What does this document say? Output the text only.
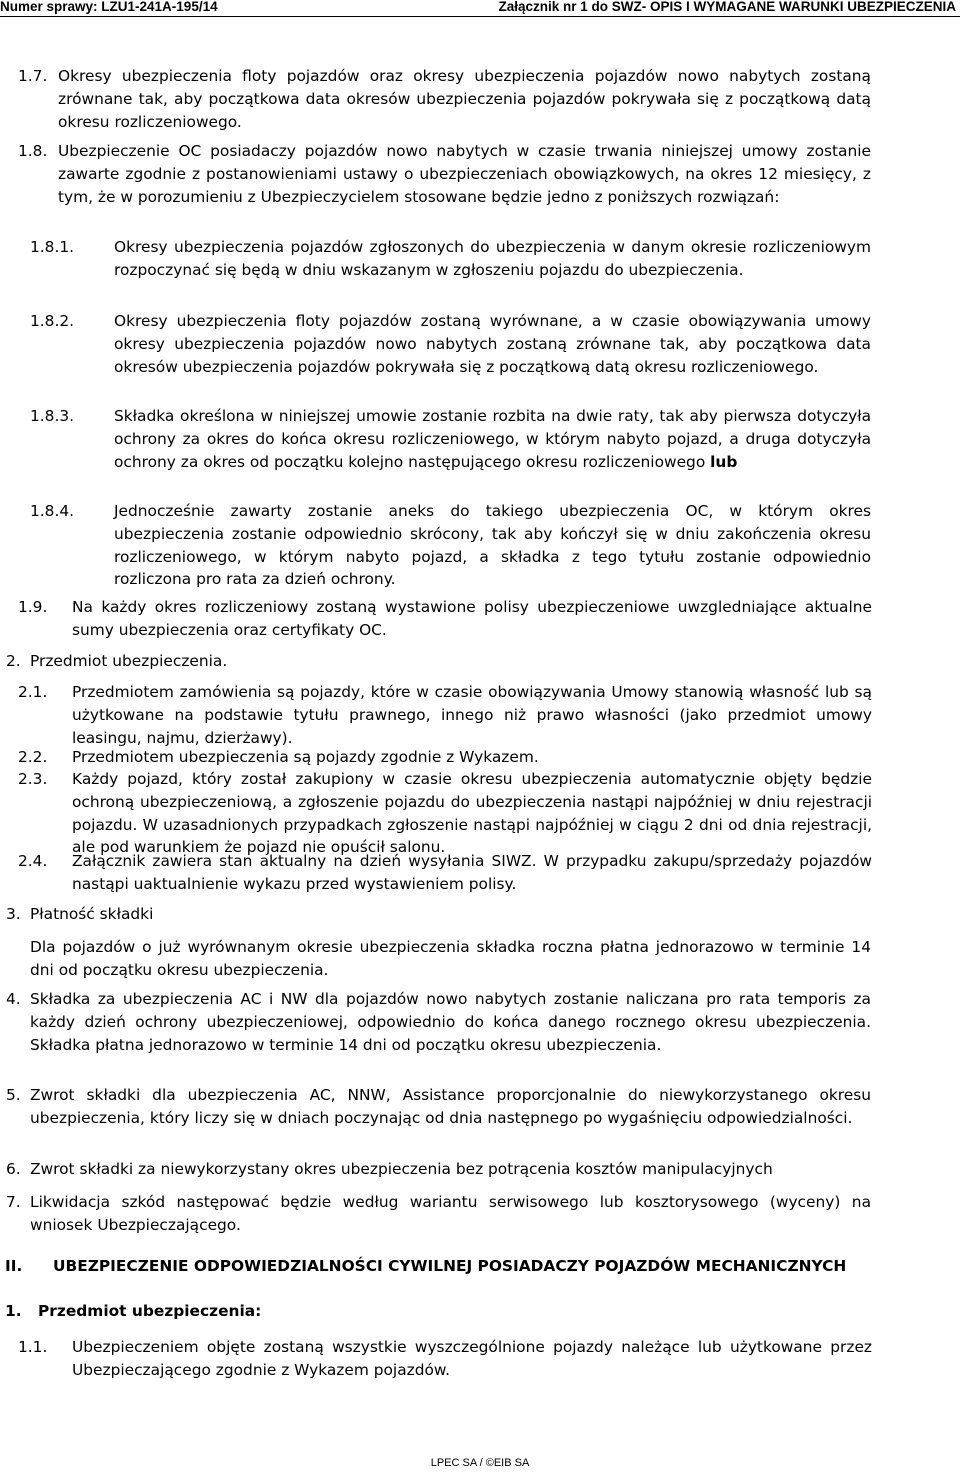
Numer sprawy: LZU1-241A-195/14	Załącznik nr 1 do SWZ- OPIS I WYMAGANE WARUNKI UBEZPIECZENIA
1.7. Okresy ubezpieczenia floty pojazdów oraz okresy ubezpieczenia pojazdów nowo nabytych zostaną zrównane tak, aby początkowa data okresów ubezpieczenia pojazdów pokrywała się z początkową datą okresu rozliczeniowego.
1.8. Ubezpieczenie OC posiadaczy pojazdów nowo nabytych w czasie trwania niniejszej umowy zostanie zawarte zgodnie z postanowieniami ustawy o ubezpieczeniach obowiązkowych, na okres 12 miesięcy, z tym, że w porozumieniu z Ubezpieczycielem stosowane będzie jedno z poniższych rozwiązań:
1.8.1.	Okresy ubezpieczenia pojazdów zgłoszonych do ubezpieczenia w danym okresie rozliczeniowym rozpoczynać się będą w dniu wskazanym w zgłoszeniu pojazdu do ubezpieczenia.
1.8.2.	Okresy ubezpieczenia floty pojazdów zostaną wyrównane, a w czasie obowiązywania umowy okresy ubezpieczenia pojazdów nowo nabytych zostaną zrównane tak, aby początkowa data okresów ubezpieczenia pojazdów pokrywała się z początkową datą okresu rozliczeniowego.
1.8.3.	Składka określona w niniejszej umowie zostanie rozbita na dwie raty, tak aby pierwsza dotyczyła ochrony za okres do końca okresu rozliczeniowego, w którym nabyto pojazd, a druga dotyczyła ochrony za okres od początku kolejno następującego okresu rozliczeniowego lub
1.8.4.	Jednocześnie zawarty zostanie aneks do takiego ubezpieczenia OC, w którym okres ubezpieczenia zostanie odpowiednio skrócony, tak aby kończył się w dniu zakończenia okresu rozliczeniowego, w którym nabyto pojazd, a składka z tego tytułu zostanie odpowiednio rozliczona pro rata za dzień ochrony.
1.9. Na każdy okres rozliczeniowy zostaną wystawione polisy ubezpieczeniowe uwzgledniające aktualne sumy ubezpieczenia oraz certyfikaty OC.
2. Przedmiot ubezpieczenia.
2.1. Przedmiotem zamówienia są pojazdy, które w czasie obowiązywania Umowy stanowią własność lub są użytkowane na podstawie tytułu prawnego, innego niż prawo własności (jako przedmiot umowy leasingu, najmu, dzierżawy).
2.2. Przedmiotem ubezpieczenia są pojazdy zgodnie z Wykazem.
2.3. Każdy pojazd, który został zakupiony w czasie okresu ubezpieczenia automatycznie objęty będzie ochroną ubezpieczeniową, a zgłoszenie pojazdu do ubezpieczenia nastąpi najpóźniej w dniu rejestracji pojazdu. W uzasadnionych przypadkach zgłoszenie nastąpi najpóźniej w ciągu 2 dni od dnia rejestracji, ale pod warunkiem że pojazd nie opuścił salonu.
2.4. Załącznik zawiera stan aktualny na dzień wysyłania SIWZ. W przypadku zakupu/sprzedaży pojazdów nastąpi uaktualnienie wykazu przed wystawieniem polisy.
3. Płatność składki
Dla pojazdów o już wyrównanym okresie ubezpieczenia składka roczna płatna jednorazowo w terminie 14 dni od początku okresu ubezpieczenia.
4. Składka za ubezpieczenia AC i NW dla pojazdów nowo nabytych zostanie naliczana pro rata temporis za każdy dzień ochrony ubezpieczeniowej, odpowiednio do końca danego rocznego okresu ubezpieczenia. Składka płatna jednorazowo w terminie 14 dni od początku okresu ubezpieczenia.
5. Zwrot składki dla ubezpieczenia AC, NNW, Assistance proporcjonalnie do niewykorzystanego okresu ubezpieczenia, który liczy się w dniach poczynając od dnia następnego po wygaśnięciu odpowiedzialności.
6. Zwrot składki za niewykorzystany okres ubezpieczenia bez potrącenia kosztów manipulacyjnych
7. Likwidacja szkód następować będzie według wariantu serwisowego lub kosztorysowego (wyceny) na wniosek Ubezpieczającego.
II.	UBEZPIECZENIE ODPOWIEDZIALNOŚCI CYWILNEJ POSIADACZY POJAZDÓW MECHANICZNYCH
1. Przedmiot ubezpieczenia:
1.1. Ubezpieczeniem objęte zostaną wszystkie wyszczególnione pojazdy należące lub użytkowane przez Ubezpieczającego zgodnie z Wykazem pojazdów.
LPEC SA / ©EIB SA
